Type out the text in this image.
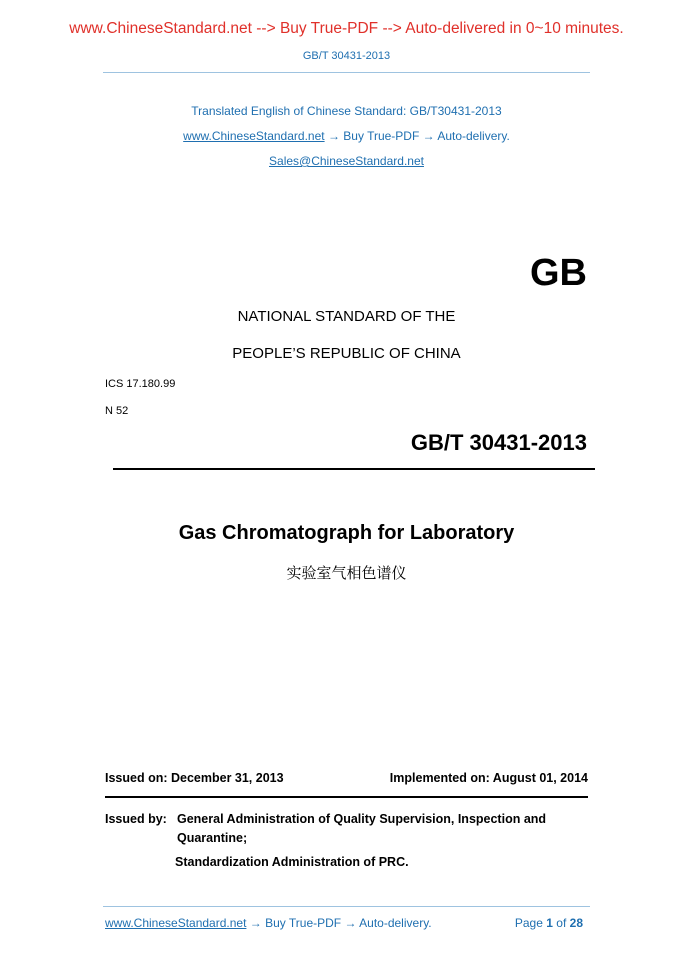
www.ChineseStandard.net --> Buy True-PDF --> Auto-delivered in 0~10 minutes.
GB/T 30431-2013
Translated English of Chinese Standard: GB/T30431-2013
www.ChineseStandard.net → Buy True-PDF → Auto-delivery.
Sales@ChineseStandard.net
GB
NATIONAL STANDARD OF THE
PEOPLE’S REPUBLIC OF CHINA
ICS 17.180.99
N 52
GB/T 30431-2013
Gas Chromatograph for Laboratory
实验室气相色谱仪
Issued on: December 31, 2013	Implemented on: August 01, 2014
Issued by: General Administration of Quality Supervision, Inspection and
Quarantine;
Standardization Administration of PRC.
www.ChineseStandard.net → Buy True-PDF → Auto-delivery.	Page 1 of 28
